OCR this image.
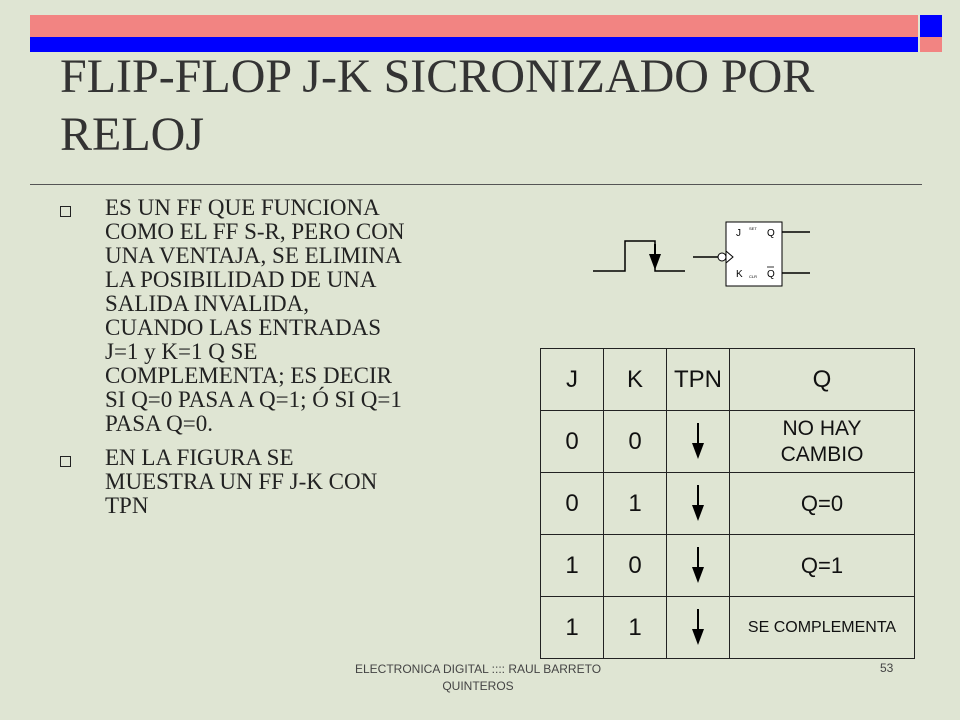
FLIP-FLOP J-K SICRONIZADO POR RELOJ
ES UN FF QUE FUNCIONA
COMO EL FF S-R, PERO CON
UNA VENTAJA, SE ELIMINA
LA POSIBILIDAD DE UNA
SALIDA INVALIDA,
CUANDO LAS ENTRADAS
J=1 y K=1 Q SE
COMPLEMENTA; ES DECIR
SI Q=0 PASA A Q=1; Ó SI Q=1
PASA Q=0.
EN LA FIGURA SE
MUESTRA UN FF J-K CON
TPN
J SET Q
K CLR Q
J	K	TPN	Q
0	0		NO HAY
CAMBIO
0	1		Q=0
1	0		Q=1
1	1		SE COMPLEMENTA
ELECTRONICA DIGITAL :::: RAUL BARRETO QUINTEROS
53
